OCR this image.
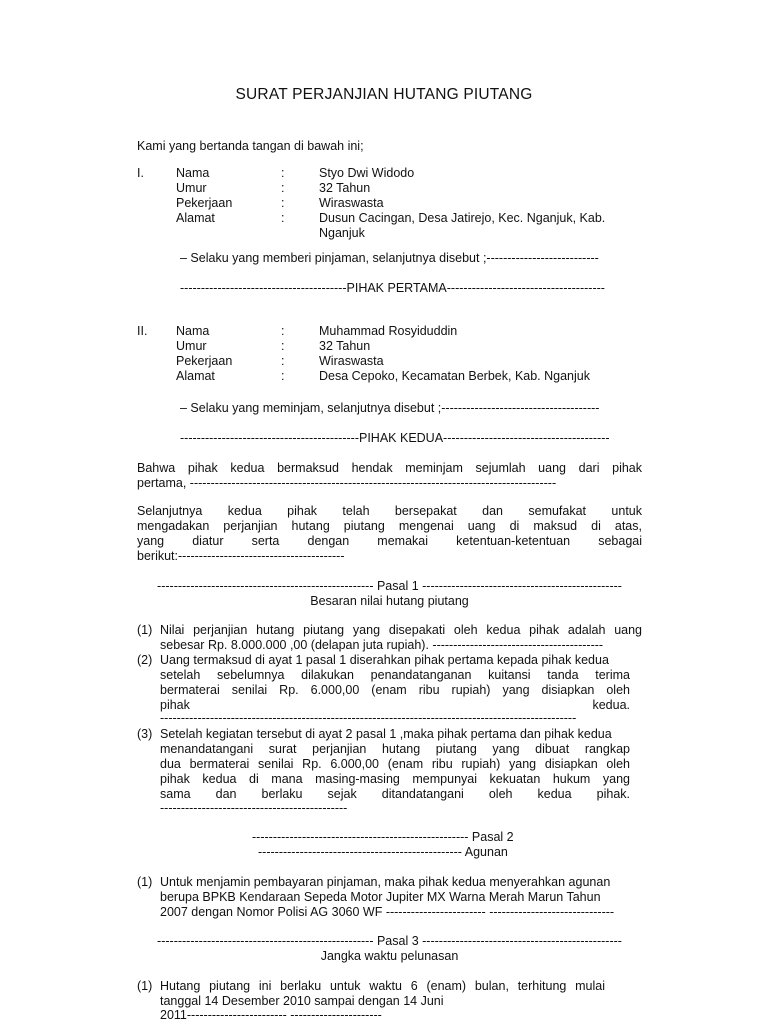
SURAT PERJANJIAN HUTANG PIUTANG
Kami yang bertanda tangan di bawah ini;
I.	Nama	:	Styo Dwi Widodo
Umur	:	32 Tahun
Pekerjaan	:	Wiraswasta
Alamat	:	Dusun Cacingan, Desa Jatirejo, Kec. Nganjuk, Kab.
Nganjuk
– Selaku yang memberi pinjaman, selanjutnya disebut ;---------------------------
----------------------------------------PIHAK PERTAMA--------------------------------------
II. Nama	:	Muhammad Rosyiduddin
Umur	:	32 Tahun
Pekerjaan	:	Wiraswasta
Alamat	:	Desa Cepoko, Kecamatan Berbek, Kab. Nganjuk
– Selaku yang meminjam, selanjutnya disebut ;--------------------------------------
-------------------------------------------PIHAK KEDUA----------------------------------------
Bahwa pihak kedua bermaksud hendak meminjam sejumlah uang dari pihak
pertama, ----------------------------------------------------------------------------------------
Selanjutnya kedua pihak telah bersepakat dan semufakat untuk
mengadakan perjanjian hutang piutang mengenai uang di maksud di atas,
yang diatur serta dengan memakai ketentuan-ketentuan sebagai
berikut:----------------------------------------
---------------------------------------------------- Pasal 1 ------------------------------------------------
Besaran nilai hutang piutang
(1) Nilai perjanjian hutang piutang yang disepakati oleh kedua pihak adalah uang
sebesar Rp. 8.000.000 ,00 (delapan juta rupiah). -----------------------------------------
(2) Uang termaksud di ayat 1 pasal 1 diserahkan pihak pertama kepada pihak kedua
setelah sebelumnya dilakukan penandatanganan kuitansi tanda terima
bermaterai senilai Rp. 6.000,00 (enam ribu rupiah) yang disiapkan oleh
pihak kedua.
----------------------------------------------------------------------------------------------------
(3) Setelah kegiatan tersebut di ayat 2 pasal 1 ,maka pihak pertama dan pihak kedua
menandatangani surat perjanjian hutang piutang yang dibuat rangkap
dua bermaterai senilai Rp. 6.000,00 (enam ribu rupiah) yang disiapkan oleh
pihak kedua di mana masing-masing mempunyai kekuatan hukum yang
sama dan berlaku sejak ditandatangani oleh kedua pihak.
---------------------------------------------
---------------------------------------------------- Pasal 2
------------------------------------------------- Agunan
(1) Untuk menjamin pembayaran pinjaman, maka pihak kedua menyerahkan agunan
berupa BPKB Kendaraan Sepeda Motor Jupiter MX Warna Merah Marun Tahun
2007 dengan Nomor Polisi AG 3060 WF ------------------------ ------------------------------
---------------------------------------------------- Pasal 3 ------------------------------------------------
Jangka waktu pelunasan
(1) Hutang piutang ini berlaku untuk waktu 6 (enam) bulan, terhitung mulai
tanggal 14 Desember 2010 sampai dengan 14 Juni
2011------------------------ ----------------------
